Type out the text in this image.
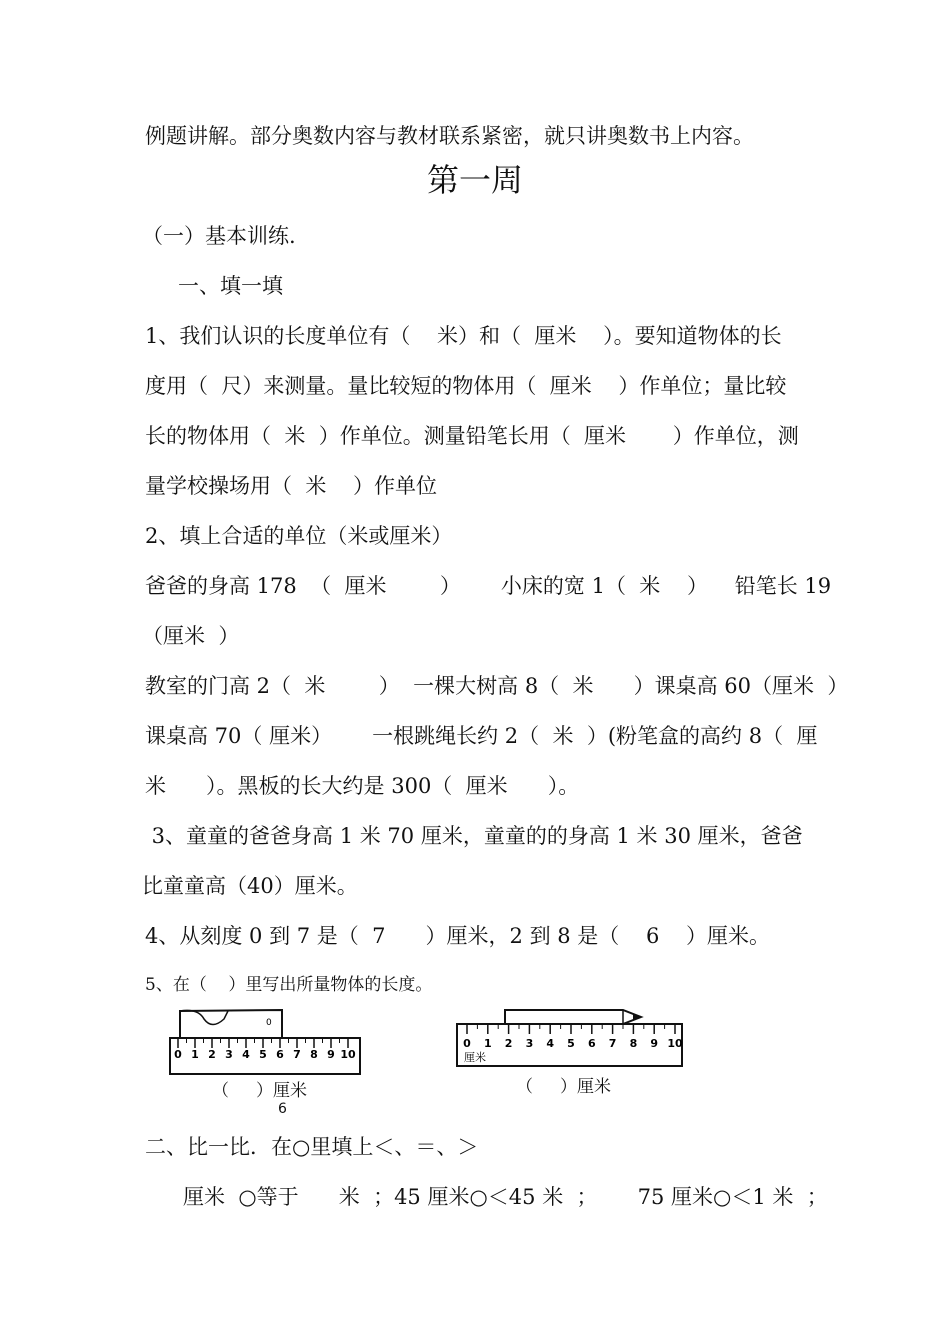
例题讲解。部分奥数内容与教材联系紧密，就只讲奥数书上内容。
第一周
（一）基本训练.
一、填一填
1、我们认识的长度单位有（    米）和（  厘米    ）。要知道物体的长
度用（  尺）来测量。量比较短的物体用（  厘米    ）作单位；量比较
长的物体用（  米  ）作单位。测量铅笔长用（  厘米       ）作单位，测
量学校操场用（  米    ）作单位
2、填上合适的单位（米或厘米）
爸爸的身高 178  （  厘米        ）      小床的宽 1（  米    ）    铅笔长 19
（厘米  ）
教室的门高 2（  米        ）  一棵大树高 8（  米      ）课桌高 60（厘米  ）
课桌高 70（ 厘米）      一根跳绳长约 2（  米  ）(粉笔盒的高约 8（  厘
米      ）。黑板的长大约是 300（  厘米      ）。
3、童童的爸爸身高 1 米 70 厘米，童童的的身高 1 米 30 厘米，爸爸
比童童高（40）厘米。
4、从刻度 0 到 7 是（  7      ）厘米，2 到 8 是（    6    ）厘米。
5、在（    ）里写出所量物体的长度。
0
0 1 2 3 4 5 6 7 8 9 10
（     ）厘米
6
0 1 2 3 4 5 6 7 8 9 10
厘米
（     ）厘米
二、比一比．在○里填上＜、＝、＞
厘米  ○等于      米  ；45 厘米○＜45 米  ；      75 厘米○＜1 米  ；
